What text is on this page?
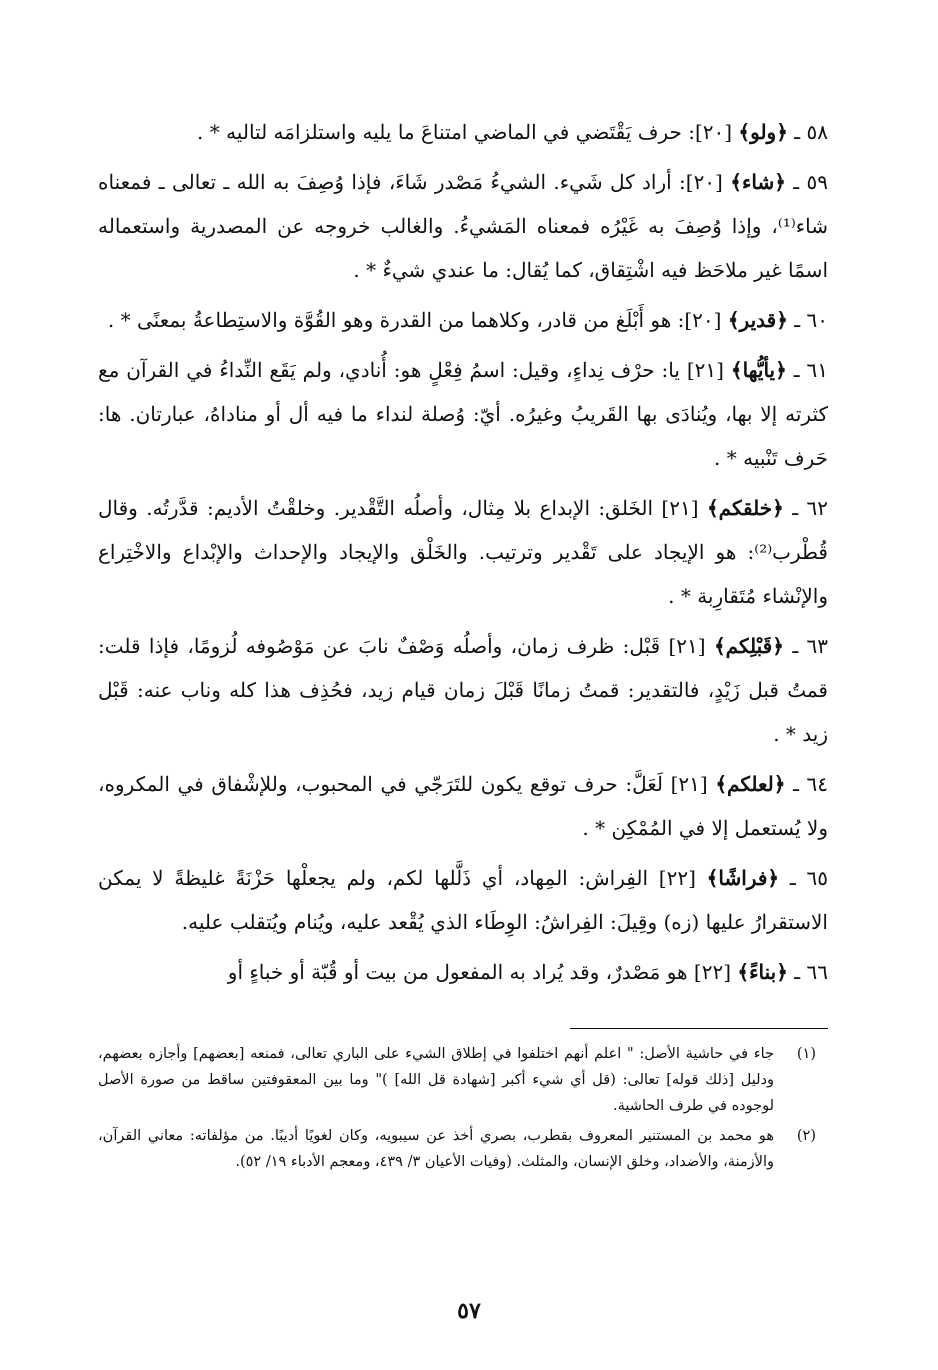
٥٨ ـ ﴿ولو﴾ [٢٠]: حرف يَقْتَضي في الماضي امتناعَ ما يليه واستلزامَه لتاليه * .

٥٩ ـ ﴿شاء﴾ [٢٠]: أراد كل شَيء. الشيءُ مَصْدر شَاءَ، فإذا وُصِفَ به الله ـ تعالى ـ فمعناه شاء⁽¹⁾، وإذا وُصِفَ به غَيْرُه فمعناه المَشيءُ. والغالب خروجه عن المصدرية واستعماله اسمًا غير ملاحَظ فيه اشْتِقاق، كما يُقال: ما عندي شيءٌ * .

٦٠ ـ ﴿قدير﴾ [٢٠]: هو أَبْلَغ من قادر، وكلاهما من القدرة وهو القُوَّة والاستِطاعةُ بمعنًى * .

٦١ ـ ﴿يأيُّها﴾ [٢١] يا: حرْف نِداءٍ، وقيل: اسمُ فِعْلٍ هو: أُنادي، ولم يَقَع النِّداءُ في القرآن مع كثرته إلا بها، ويُنادَى بها القَريبُ وغيرُه. أيّ: وُصلة لنداء ما فيه أل أو مناداهُ، عبارتان. ها: حَرف تَنْبيه * .

٦٢ ـ ﴿خلقكم﴾ [٢١] الخَلق: الإبداع بلا مِثال، وأصلُه التَّقْدير. وخلقْتُ الأديم: قدَّرتُه. وقال قُطْرب⁽²⁾: هو الإيجاد على تَقْدير وترتيب. والخَلْق والإيجاد والإحداث والإبْداع والاخْتِراع والإنْشاء مُتَقارِبة * .

٦٣ ـ ﴿قَبْلِكم﴾ [٢١] قَبْل: ظرف زمان، وأصلُه وَصْفٌ نابَ عن مَوْصُوفه لُزومًا، فإذا قلت: قمتُ قبل زَيْدٍ، فالتقدير: قمتُ زمانًا قَبْلَ زمان قيام زيد، فحُذِف هذا كله وناب عنه: قَبْل زيد * .

٦٤ ـ ﴿لعلكم﴾ [٢١] لَعَلَّ: حرف توقع يكون للتَرَجّي في المحبوب، وللإشْفاق في المكروه، ولا يُستعمل إلا في المُمْكِن * .

٦٥ ـ ﴿فراشًا﴾ [٢٢] الفِراش: المِهاد، أي ذَلَّلها لكم، ولم يجعلْها حَزْنَةً غليظةً لا يمكن الاستقرارُ عليها (زه) وقِيلَ: الفِراشُ: الوِطَاء الذي يُقْعد عليه، ويُنام ويُتقلب عليه.

٦٦ ـ ﴿بناءً﴾ [٢٢] هو مَصْدرٌ، وقد يُراد به المفعول من بيت أو قُبّة أو خباءٍ أو

(١)
جاء في حاشية الأصل: " اعلم أنهم اختلفوا في إطلاق الشيء على الباري تعالى، فمنعه [بعضهم] وأجازه بعضهم، ودليل [ذلك قوله] تعالى: (قل أي شيء أكبر [شهادة قل الله] )" وما بين المعقوفتين ساقط من صورة الأصل لوجوده في طرف الحاشية.
(٢)
هو محمد بن المستنير المعروف بقطرب، بصري أخذ عن سيبويه، وكان لغويًا أديبًا. من مؤلفاته: معاني القرآن، والأزمنة، والأضداد، وخلق الإنسان، والمثلث. (وفيات الأعيان ٣/ ٤٣٩، ومعجم الأدباء ١٩/ ٥٢).
٥٧
